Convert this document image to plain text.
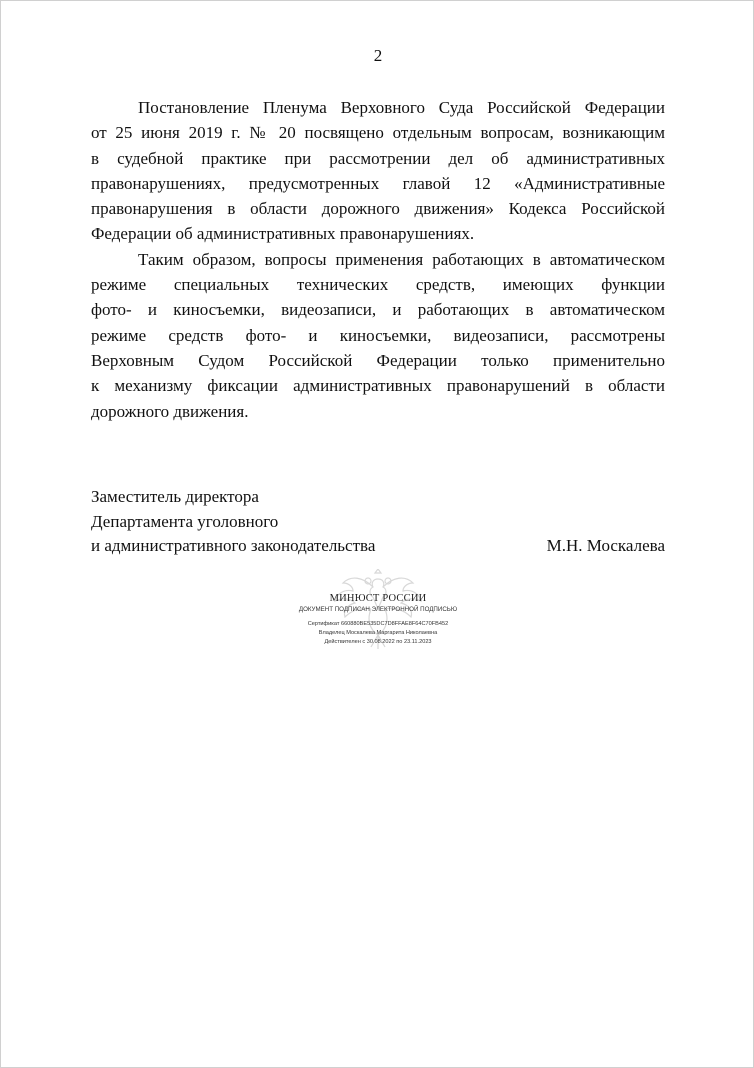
2

Постановление Пленума Верховного Суда Российской Федерации
от 25 июня 2019 г. № 20 посвящено отдельным вопросам, возникающим
в судебной практике при рассмотрении дел об административных
правонарушениях, предусмотренных главой 12 «Административные
правонарушения в области дорожного движения» Кодекса Российской
Федерации об административных правонарушениях.

Таким образом, вопросы применения работающих в автоматическом
режиме специальных технических средств, имеющих функции
фото- и киносъемки, видеозаписи, и работающих в автоматическом
режиме средств фото- и киносъемки, видеозаписи, рассмотрены
Верховным Судом Российской Федерации только применительно
к механизму фиксации административных правонарушений в области
дорожного движения.

Заместитель директора
Департамента уголовного
и административного законодательства	М.Н. Москалева
МИНЮСТ РОССИИ
ДОКУМЕНТ ПОДПИСАН ЭЛЕКТРОННОЙ ПОДПИСЬЮ
Сертификат 660880BE535DC7D8FFAE8F64C70FB452
Владелец Москалева Маргарита Николаевна
Действителен с 30.08.2022 по 23.11.2023
